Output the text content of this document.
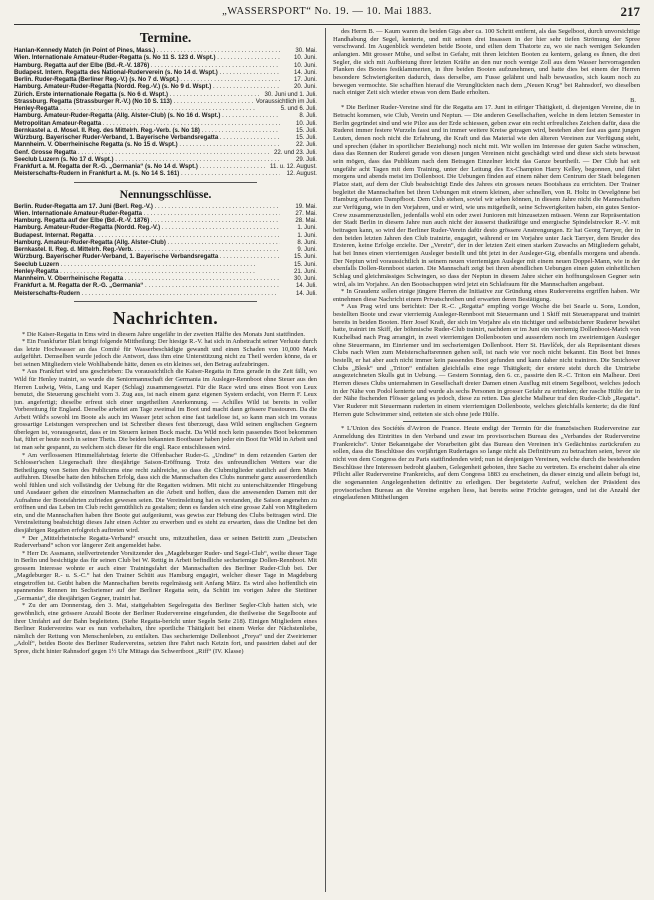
„WASSERSPORT“ No. 19. — 10. Mai 1883.	217
Termine.
Hanlan-Kennedy Match (in Point of Pines, Mass.) . . .	30. Mai.
Wien. Internationale Amateur-Ruder-Regatta (s. No 11 S. 123 d. Wspt.) . . .	10. Juni.
Hamburg. Regatta auf der Elbe (Bd.-R.-V. 1876) . . .	10. Juni.
Budapest. Intern. Regatta des National-Ruderverein (s. No 14 d. Wspt.) . . .	14. Juni.
Berlin. Ruder-Regatta (Berliner Reg.-V.) (s. No 7 d. Wspt.) . . .	17. Juni.
Hamburg. Amateur-Ruder-Regatta (Nordd. Reg.-V.) (s. No 9 d. Wspt.) . . .	20. Juni.
Zürich. Erste internationale Regatta (s. No 6 d. Wspt.) . . .	30. Juni und 1. Juli.
Strassburg. Regatta (Strassburger R.-V.) (No 10 S. 113) . . .	Voraussichtlich im Juli.
Henley-Regatta . . .	5. und 6. Juli.
Hamburg. Amateur-Ruder-Regatta (Allg. Alster-Club) (s. No 16 d. Wspt.) . . .	8. Juli.
Metropolitan Amateur-Regatta . . .	10. Juli.
Bernkastel a. d. Mosel. II. Reg. des Mittelrh. Reg.-Verb. (s. No 18) . . .	15. Juli.
Würzburg. Bayerischer Ruder-Verband, 1. Bayerische Verbandsregatta . . .	15. Juli.
Mannheim. V. Oberrheinische Regatta (s. No 15 d. Wspt.) . . .	22. Juli.
Genf. Grosse Regatta . . .	22. und 23. Juli.
Seeclub Luzern (s. No 17 d. Wspt.) . . .	29. Juli.
Frankfurt a. M. Regatta der R.-G. „Germania“ (s. No 14 d. Wspt.) . . .	11. u. 12. August.
Meisterschafts-Rudern in Frankfurt a. M. (s. No 14 S. 161) . . .	12. August.
Nennungsschlüsse.
Berlin. Ruder-Regatta am 17. Juni (Berl. Reg.-V.) . . .	19. Mai.
Wien. Internationale Amateur-Ruder-Regatta . . .	27. Mai.
Hamburg. Regatta auf der Elbe (Bd.-R.-V. 1876) . . .	28. Mai.
Hamburg. Amateur-Ruder-Regatta (Nordd. Reg.-V.) . . .	1. Juni.
Budapest. Internat. Regatta . . .	1. Juni.
Hamburg. Amateur-Ruder-Regatta (Allg. Alster-Club) . . .	8. Juni.
Bernkastel. II. Reg. d. Mittelrh. Reg.-Verb. . . .	9. Juni.
Würzburg. Bayerischer Ruder-Verband, 1. Bayerische Verbandsregatta . . .	15. Juni.
Seeclub Luzern . . .	15. Juni.
Henley-Regatta . . .	21. Juni.
Mannheim. V. Oberrheinische Regatta . . .	30. Juni.
Frankfurt a. M. Regatta der R.-G. „Germania“ . . .	14. Juli.
Meisterschafts-Rudern . . .	14. Juli.
Nachrichten.

* Die Kaiser-Regatta in Ems wird in diesem Jahre ungefähr in der zweiten Hälfte des Monats Juni stattfinden.

* Ein Frankfurter Blatt bringt folgende Mittheilung: Der hiesige R.-V. hat sich in Anbetracht seiner Verluste durch das letzte Hochwasser an das Comité für Wasserbeschädigte gewandt und einen Schaden von 10,000 Mark aufgeführt. Demselben wurde jedoch die Antwort, dass ihm eine Unterstützung nicht zu Theil werden könne, da er bei seinen Mitgliedern viele Wohlhabende hätte, denen es ein kleines sei, den Betrag aufzubringen.

* Aus Frankfurt wird uns geschrieben: Da voraussichtlich die Kaiser-Regatta in Ems gerade in die Zeit fällt, wo Wild für Henley trainirt, so wurde die Seniormannschaft der Germania im Ausleger-Rennboot ohne Steuer aus den Herren Ludwig, Weis, Lang und Kaper (Schlag) zusammengesetzt. Für die Race wird uns eines Boot von Leux benutzt, die Steuerung geschieht vom 3. Zug aus, ist nach einem ganz eigenen System erdacht, von Herrn F. Leux jun. angefertigt; dieselbe erfreut sich einer ungetheilten Anerkennung. — Achilles Wild ist bereits in voller Vorbereitung für England. Derselbe arbeitet am Tage zweimal im Boot und macht dann grössere Fusstouren. Da die Arbeit Wild's sowohl im Boote als auch im Wasser jetzt schon eine fast tadellose ist, so kann man sich im voraus grossartige Leistungen versprechen und ist Schreiber dieses fest überzeugt, dass Wild seinen englischen Gegnern überlegen ist, vorausgesetzt, dass er im Steuern keinen Bock macht. Da Wild noch kein passendes Boot bekommen hat, führt er heute noch in seiner Thetis. Die beiden bekannten Bootbauer haben jeder ein Boot für Wild in Arbeit und ist man sehr gespannt, zu welchem sich dieser für die engl. Race entschliessen wird.

* Am verflossenen Himmelfahrtstag feierte die Offenbacher Ruder-G. „Undine“ in dem reizenden Garten der Schlosser'schen Liegenschaft ihre diesjährige Saison-Eröffnung. Trotz des unfreundlichen Wetters war die Betheiligung von Seiten des Publicums eine recht zahlreiche, so dass die Clubmitglieder stattlich auf dem Main auffuhren. Dieselbe hatte den hübschen Erfolg, dass sich die Mannschaften des Clubs nunmehr ganz ausserordentlich wohl fühlen und sich vollständig der Uebung für die Regatten widmen. Mit nicht zu unterschätzender Hingebung und Ausdauer gehen die einzelnen Mannschaften an die Arbeit und hoffen, dass die anwesenden Damen mit der Aufnahme der Bootsfahrten zufrieden gewesen seien. Die Vereinsleitung hat es verstanden, die Saison angenehm zu eröffnen und das Leben im Club recht gemüthlich zu gestalten; denn es fanden sich eine grosse Zahl von Mitgliedern ein, und die Mannschaften haben ihre Boote gut aufgeräumt, was gewiss zur Hebung des Clubs beitragen wird. Die Vereinsleitung beabsichtigt dieses Jahr einen Achter zu erwerben und es steht zu erwarten, dass die Undine bei den diesjährigen Regatten erfolgreich auftreten wird.

* Der „Mittelrheinische Regatta-Verband“ ersucht uns, mitzutheilen, dass er seinen Beitritt zum „Deutschen Ruderverband“ schon vor längerer Zeit angemeldet habe.

* Herr Dr. Assmann, stellvertretender Vorsitzender des „Magdeburger Ruder- und Segel-Club“, weilte dieser Tage in Berlin und besichtigte das für seinen Club bei W. Rettig in Arbeit befindliche sechsriemige Dollen-Rennboot. Mit grossem Interesse wohnte er auch einer Trainingsfahrt der Mannschaften des Berliner Ruder-Club bei. Der „Magdeburger R.- u. S.-C.“ hat den Trainer Schütt aus Hamburg engagirt, welcher dieser Tage in Magdeburg eingetroffen ist. Geübt haben die Mannschaften bereits regelmässig seit Anfang März. Es wird also hoffentlich ein spannendes Rennen im Sechsriemer auf der Berliner Regatta sein, da Schütt im vorigen Jahre die Stettiner „Germania“, die diesjährigen Gegner, trainirt hat.

* Zu der am Donnerstag, den 3. Mai, stattgehabten Segelregatta des Berliner Segler-Club hatten sich, wie gewöhnlich, eine grössere Anzahl Boote der Berliner Rudervereine eingefunden, die theilweise die Segelboote auf ihrer Umfahrt auf der Bahn begleiteten. (Siehe Regatta-bericht unter Segeln Seite 218). Einigen Mitgliedern eines Berliner Rudervereins war es nun vorbehalten, ihre sportliche Thätigkeit bei einem Werke der Nächstenliebe, nämlich der Rettung von Menschenleben, zu entfalten. Das sechsriemige Dollenboot „Freya“ und der Zweiriemer „Adolf“, beides Boote des Berliner Rudervereins, setzten ihre Fahrt nach Ketzin fort, und passirten dabei auf der Spree, dicht hinter Rahnsdorf gegen 1½ Uhr Mittags das Schwertboot „Riff“ (IV. Klasse)

des Herrn B. — Kaum waren die beiden Gigs aber ca. 100 Schritt entfernt, als das Segelboot, durch unvorsichtige Handhabung der Segel, kenterte, und mit seinen drei Insassen in der hier sehr tiefen Strömung der Spree verschwand. Im Augenblick wendeten beide Boote, und eilten dem Thatorte zu, wo sie nach wenigen Sekunden anlangten. Mit grosser Mühe, und selbst in Gefahr, mit ihren leichten Booten zu kentern, gelang es ihnen, die drei Segler, die sich mit Aufbietung ihrer letzten Kräfte an den nur noch wenige Zoll aus dem Wasser hervorragenden Planken des Bootes festklammerten, in ihre beiden Booten aufzunehmen, und hatte dies bei einem der Herren besondere Schwierigkeiten dadurch, dass derselbe, am Fusse gelähmt und halb bewusstlos, sich kaum noch zu bewegen vermochte. Sie schafften hierauf die Verunglückten nach dem „Neuen Krug“ bei Rahnsdorf, wo dieselben nach einiger Zeit sich wieder etwas von dem Bade erholten.

B.

* Die Berliner Ruder-Vereine sind für die Regatta am 17. Juni in eifriger Thätigkeit, d. diejenigen Vereine, die in Betracht kommen, wie Club, Verein und Neptun. — Die anderen Gesellschaften, welche in dem letzten Semester in Berlin gegründet sind und wie Pilze aus der Erde schiessen, geben zwar ein recht erfreuliches Zeichen dafür, dass die Ruderei immer festere Wurzeln fasst und in immer weitere Kreise getragen wird, bestehen aber fast aus ganz jungen Leuten, denen noch nicht die Erfahrung, die Kraft und das Material wie den älteren Vereinen zur Verfügung steht, und sprechen (daher in sportlicher Beziehung) noch nicht mit. Wir wollen im Interesse der guten Sache wünschen, dass das Rennen der Ruderei gerade von diesen jungen Vereinen nicht geschädigt wird und diese sich stets bewusst sein mögen, dass das Publikum nach dem Betragen Einzelner leicht das Ganze beurtheilt. — Der Club hat seit ungefähr acht Tagen mit dem Training, unter der Leitung des Ex-Champion Harry Kelley, begonnen, und fährt morgens und abends meist im Dollenboot. Die Uebungen finden auf einem näher dem Centrum der Stadt belegenen Platze statt, auf dem der Club beabsichtigt Ende des Jahres ein grosses neues Bootshaus zu errichten. Der Trainer begleitet die Mannschaften bei ihren Uebungen mit einem kleinen, aber schnellen, von R. Holtz in Oevelgönne bei Hamburg erbauten Dampfboot. Dem Club stehen, soviel wir sehen können, in diesem Jahre nicht die Mannschaften zur Verfügung, wie in den Vorjahren, und er wird, wie uns mitgetheilt, seine Schwerigkeiten haben, ein gutes Senior-Crew zusammenzustellen, jedenfalls wohl ein oder zwei Junioren mit hinzusetzen müssen. Wenn zur Repräsentation der Stadt Berlin in diesem Jahre nun auch nicht der äusserst thatkräftige und energische Spindelstrecker R.-V. mit beitragen kann, so wird der Berliner Ruder-Verein dafür desto grössere Anstrengungen. Er hat Georg Tarryer, der in den beiden letzten Jahren den Club trainirte, engagirt, während er im Vorjahre unter Jack Tarryer, dem Bruder des Ersteren, keine Erfolge erzielte. Der „Verein“, der in der letzten Zeit einen starken Zuwachs an Mitgliedern gehabt, hat bei Innes einen vierriemigen Ausleger bestellt und übt jetzt in der Ausleger-Gig, ebenfalls morgens und abends. Der Neptun wird voraussichtlich in seinem neuen vierriemigen Ausleger mit einem neuen Doppel-Mann, wie in der ebenfalls Dollen-Rennboot starten. Die Mannschaft zeigt bei ihren abendlichen Uebungen einen guten einheitlichen Schlag und gleichmässiges Schwingen, so dass der Neptun in diesem Jahre sicher ein hoffnungslosen Gegner sein wird, als im Vorjahre. An den Bootsschuppen wird jetzt ein Schlafraum für die Mannschaften angebaut.

* In Graudenz sollen einige jüngere Herren die Initiative zur Gründung eines Rudervereins ergriffen haben. Wir entnehmen diese Nachricht einem Privatschreiben und erwarten deren Bestätigung.

* Aus Prag wird uns berichtet: Der R.-C. „Regatta“ empfing vorige Woche die bei Searle u. Sons, London, bestellten Boote und zwar vierriemig Ausleger-Rennboot mit Steuermann und 1 Skiff mit Steuerapparat und trainirt bereits in beiden Booten. Herr Josef Kraft, der sich im Vorjahre als ein tüchtiger und selbstsicherer Ruderer bewährt hatte, trainirt im Skiff, der böhmische Ruder-Club trainirt, nachdem er im Juni ein vierriemig Dollenboot-Match von Kuchelbad nach Prag arrangirt, in zwei vierriemigen Dollenbooten und ausserdem noch im zweiriemigen Ausleger ohne Steuermann, im Einriemer und im sechsriemigen Dollenboot. Herr St. Havlíček, der als Repräsentant dieses Clubs nach Wien zum Meisterschaftsrennen gehen soll, ist nach wie vor noch nicht bekannt. Ein Boot bei Innes bestellt, er hat aber auch nicht immer kein passendes Boot gefunden und kann daher nicht trainiren. Die Smichover Clubs „Blesk“ und „Triton“ entfalten gleichfalls eine rege Thätigkeit; der erstere steht durch die Umtriebe ausgezeichneten Skulls gut in Uebung. — Gestern Sonntag, den 6. cr., passirte den R.-C. Triton ein Malheur. Drei Herren dieses Clubs unternahmen in Gesellschaft dreier Damen einen Ausflug mit einem Segelboot, welches jedoch in der Nähe von Podol kenterte und wurde als sechs Personen in grosser Gefahr zu ertrinken; der rasche Hülfe der in der Nähe fischenden Flösser gelang es jedoch, diese zu retten. Das gleiche Malheur traf den Ruder-Club „Regatta“. Vier Ruderer mit Steuermann ruderten in einem vierriemigen Dollenboote, welches gleichfalls kenterte; da die fünf Herren gute Schwimmer sind, retteten sie sich ohne jede Hülfe.

* L'Union des Sociétés d'Aviron de France. Heute endigt der Termin für die französischen Rudervereine zur Anmeldung des Eintrittes in den Verband und zwar im provisorischen Bureau des „Verbandes der Rudervereine Frankreichs“. Unter Bekanntgabe der Vorarbeiten gibt das Bureau den Vereinen in's Gedächtniss zurückrufen zu sollen, dass die Beschlüsse des vorjährigen Rudertages so lange nicht als Definitivum zu betrachten seien, bevor sie nicht von dem Congress der zu Paris stattfindenden wird; nun ist denjenigen Vereinen, welche durch die bestehenden Beschlüsse ihre Interessen bedroht glauben, Gelegenheit geboten, ihre Sache zu vertreten. Es erscheint daher als eine Pflicht aller Rudervereine Frankreichs, auf dem Congress 1883 zu erscheinen, da dieser einzig und allein befugt ist, die sogenannten Angelegenheiten definitiv zu erledigen. Der begeisterte Aufruf, welchen der Präsident des provisorischen Bureau an die Vereine ergehen liess, hat bereits seine Früchte getragen, und ist die Anzahl der eingelaufenen Mittheilungen
